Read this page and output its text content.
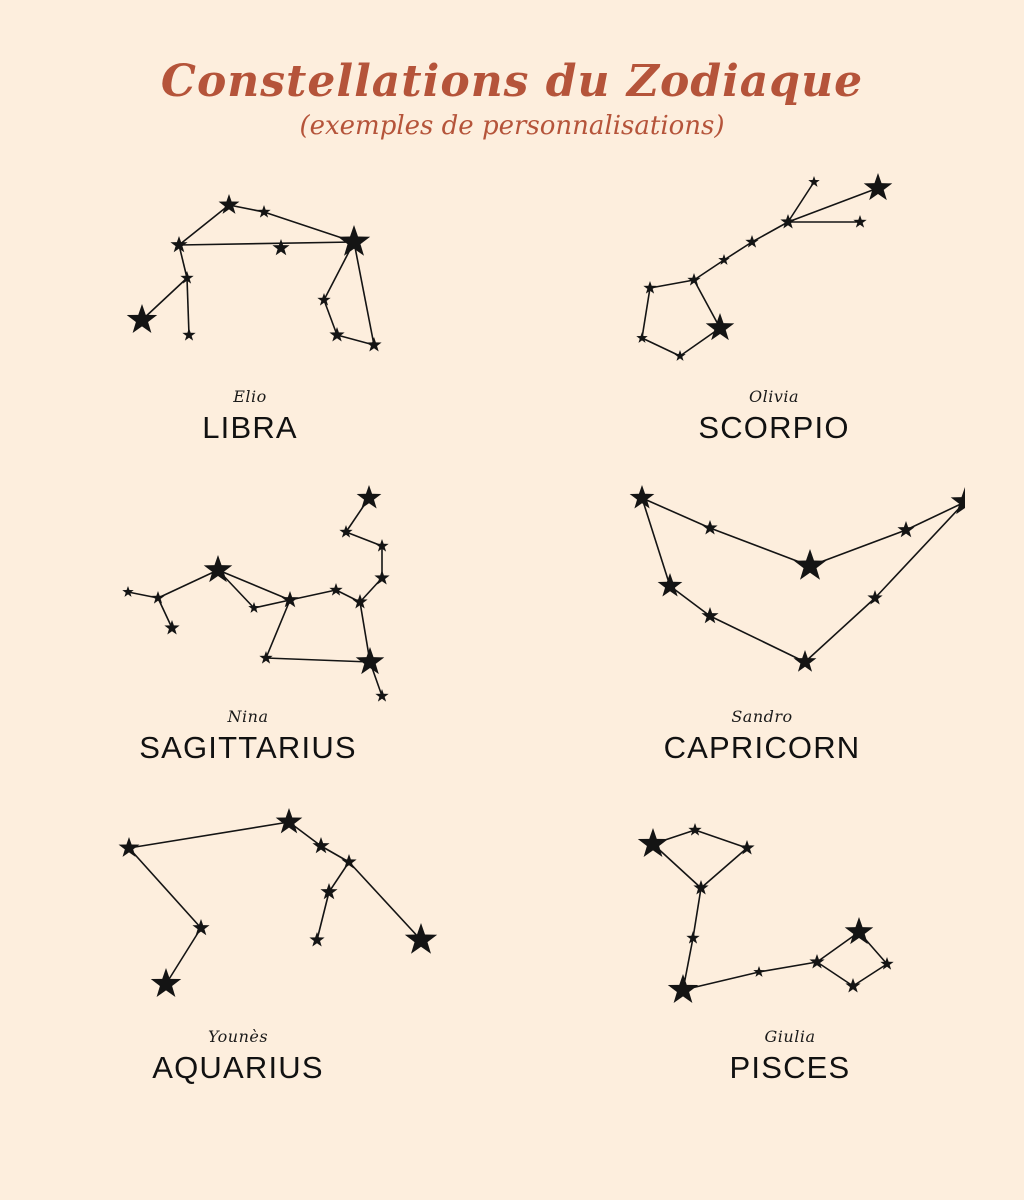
Constellations du Zodiaque

(exemples de personnalisations)

Elio
LIBRA
Olivia
SCORPIO
Nina
SAGITTARIUS
Sandro
CAPRICORN
Younès
AQUARIUS
Giulia
PISCES
